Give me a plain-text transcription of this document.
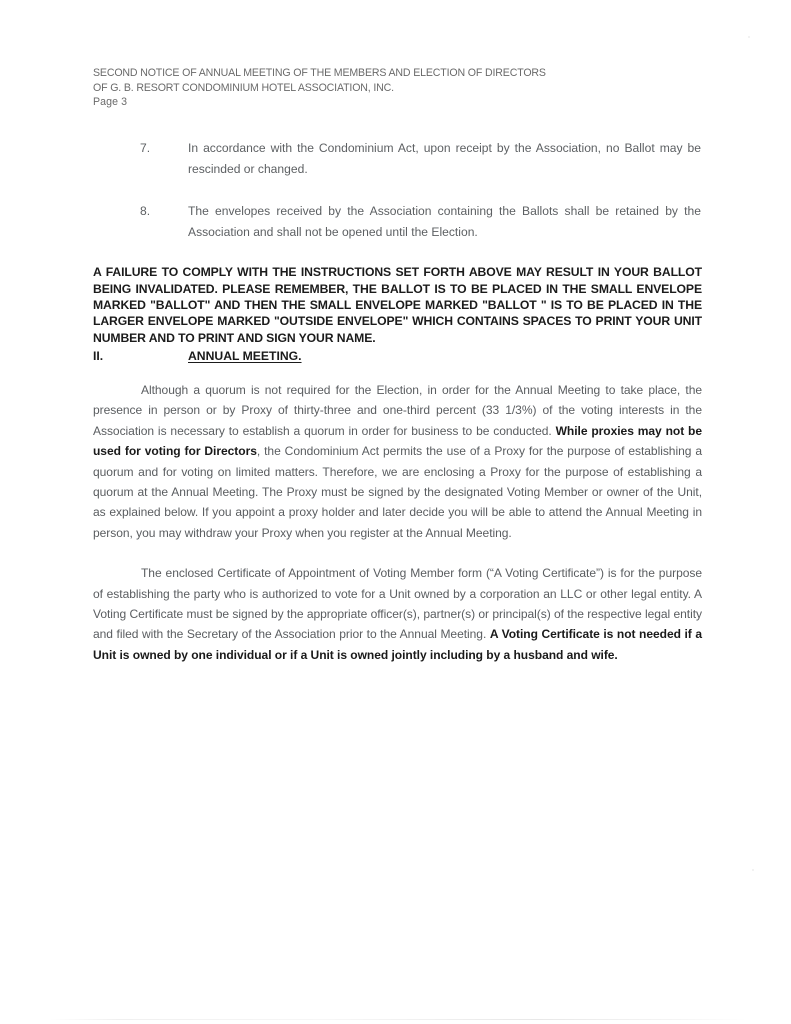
SECOND NOTICE OF ANNUAL MEETING OF THE MEMBERS AND ELECTION OF DIRECTORS
OF G. B. RESORT CONDOMINIUM HOTEL ASSOCIATION, INC.
Page 3
7.	In accordance with the Condominium Act, upon receipt by the Association, no Ballot may be rescinded or changed.
8.	The envelopes received by the Association containing the Ballots shall be retained by the Association and shall not be opened until the Election.

A FAILURE TO COMPLY WITH THE INSTRUCTIONS SET FORTH ABOVE MAY RESULT IN YOUR BALLOT BEING INVALIDATED. PLEASE REMEMBER, THE BALLOT IS TO BE PLACED IN THE SMALL ENVELOPE MARKED "BALLOT" AND THEN THE SMALL ENVELOPE MARKED "BALLOT " IS TO BE PLACED IN THE LARGER ENVELOPE MARKED "OUTSIDE ENVELOPE" WHICH CONTAINS SPACES TO PRINT YOUR UNIT NUMBER AND TO PRINT AND SIGN YOUR NAME.

II.	ANNUAL MEETING.

Although a quorum is not required for the Election, in order for the Annual Meeting to take place, the presence in person or by Proxy of thirty-three and one-third percent (33 1/3%) of the voting interests in the Association is necessary to establish a quorum in order for business to be conducted. While proxies may not be used for voting for Directors, the Condominium Act permits the use of a Proxy for the purpose of establishing a quorum and for voting on limited matters. Therefore, we are enclosing a Proxy for the purpose of establishing a quorum at the Annual Meeting. The Proxy must be signed by the designated Voting Member or owner of the Unit, as explained below. If you appoint a proxy holder and later decide you will be able to attend the Annual Meeting in person, you may withdraw your Proxy when you register at the Annual Meeting.

The enclosed Certificate of Appointment of Voting Member form (“A Voting Certificate”) is for the purpose of establishing the party who is authorized to vote for a Unit owned by a corporation an LLC or other legal entity. A Voting Certificate must be signed by the appropriate officer(s), partner(s) or principal(s) of the respective legal entity and filed with the Secretary of the Association prior to the Annual Meeting. A Voting Certificate is not needed if a Unit is owned by one individual or if a Unit is owned jointly including by a husband and wife.
